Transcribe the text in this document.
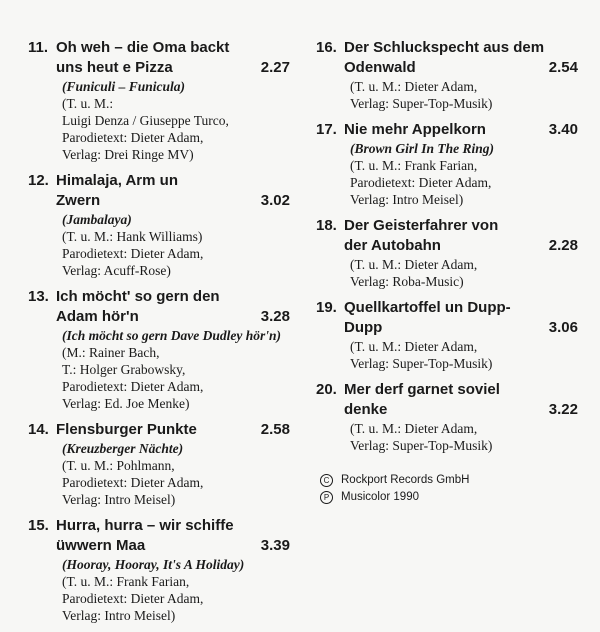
11. Oh weh – die Oma backt
uns heut e Pizza	2.27
(Funiculi – Funicula)
(T. u. M.:
Luigi Denza / Giuseppe Turco,
Parodietext: Dieter Adam,
Verlag: Drei Ringe MV)
12. Himalaja, Arm un
Zwern	3.02
(Jambalaya)
(T. u. M.: Hank Williams)
Parodietext: Dieter Adam,
Verlag: Acuff-Rose)
13. Ich möcht' so gern den
Adam hör'n	3.28
(Ich möcht so gern Dave Dudley hör'n)
(M.: Rainer Bach,
T.: Holger Grabowsky,
Parodietext: Dieter Adam,
Verlag: Ed. Joe Menke)
14. Flensburger Punkte	2.58
(Kreuzberger Nächte)
(T. u. M.: Pohlmann,
Parodietext: Dieter Adam,
Verlag: Intro Meisel)
15. Hurra, hurra – wir schiffe
üwwern Maa	3.39
(Hooray, Hooray, It's A Holiday)
(T. u. M.: Frank Farian,
Parodietext: Dieter Adam,
Verlag: Intro Meisel)
16. Der Schluckspecht aus dem
Odenwald	2.54
(T. u. M.: Dieter Adam,
Verlag: Super-Top-Musik)
17. Nie mehr Appelkorn	3.40
(Brown Girl In The Ring)
(T. u. M.: Frank Farian,
Parodietext: Dieter Adam,
Verlag: Intro Meisel)
18. Der Geisterfahrer von
der Autobahn	2.28
(T. u. M.: Dieter Adam,
Verlag: Roba-Music)
19. Quellkartoffel un Dupp-
Dupp	3.06
(T. u. M.: Dieter Adam,
Verlag: Super-Top-Musik)
20. Mer derf garnet soviel
denke	3.22
(T. u. M.: Dieter Adam,
Verlag: Super-Top-Musik)
C	Rockport Records GmbH
P	Musicolor 1990
